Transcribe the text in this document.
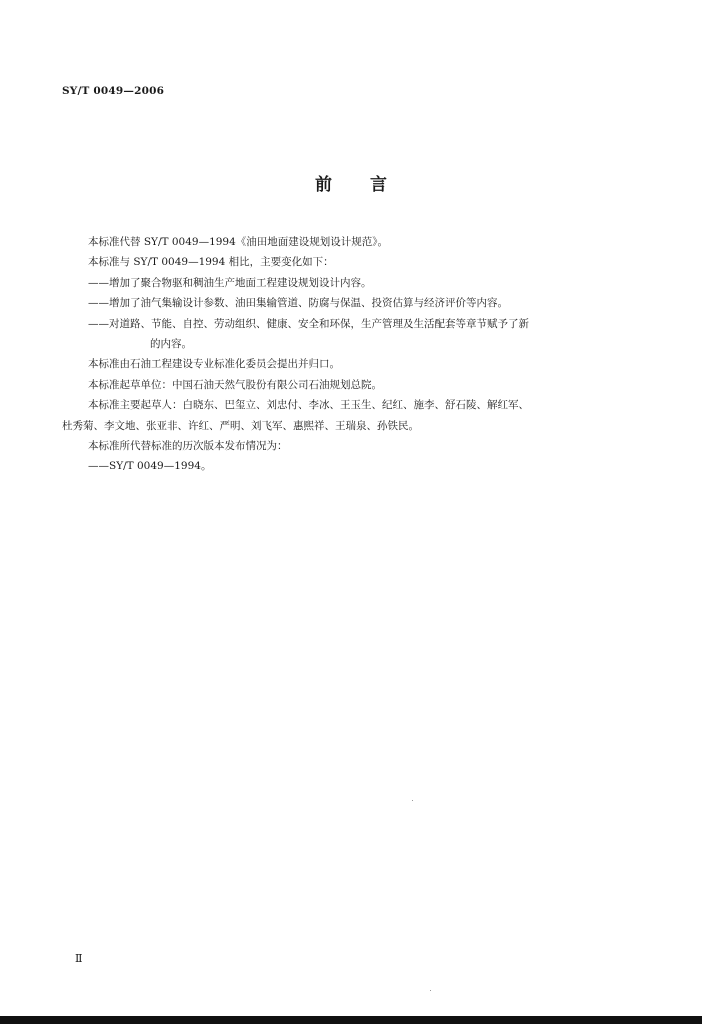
SY/T 0049—2006
前言

本标准代替 SY/T 0049—1994《油田地面建设规划设计规范》。

本标准与 SY/T 0049—1994 相比，主要变化如下：

——增加了聚合物驱和稠油生产地面工程建设规划设计内容。

——增加了油气集输设计参数、油田集输管道、防腐与保温、投资估算与经济评价等内容。

——对道路、节能、自控、劳动组织、健康、安全和环保，生产管理及生活配套等章节赋予了新

的内容。

本标准由石油工程建设专业标准化委员会提出并归口。

本标准起草单位：中国石油天然气股份有限公司石油规划总院。

本标准主要起草人：白晓东、巴玺立、刘忠付、李冰、王玉生、纪红、施李、舒石陵、解红军、

杜秀菊、李文地、张亚非、许红、严明、刘飞军、惠熙祥、王瑞泉、孙铁民。

本标准所代替标准的历次版本发布情况为：

——SY/T 0049—1994。

Ⅱ
